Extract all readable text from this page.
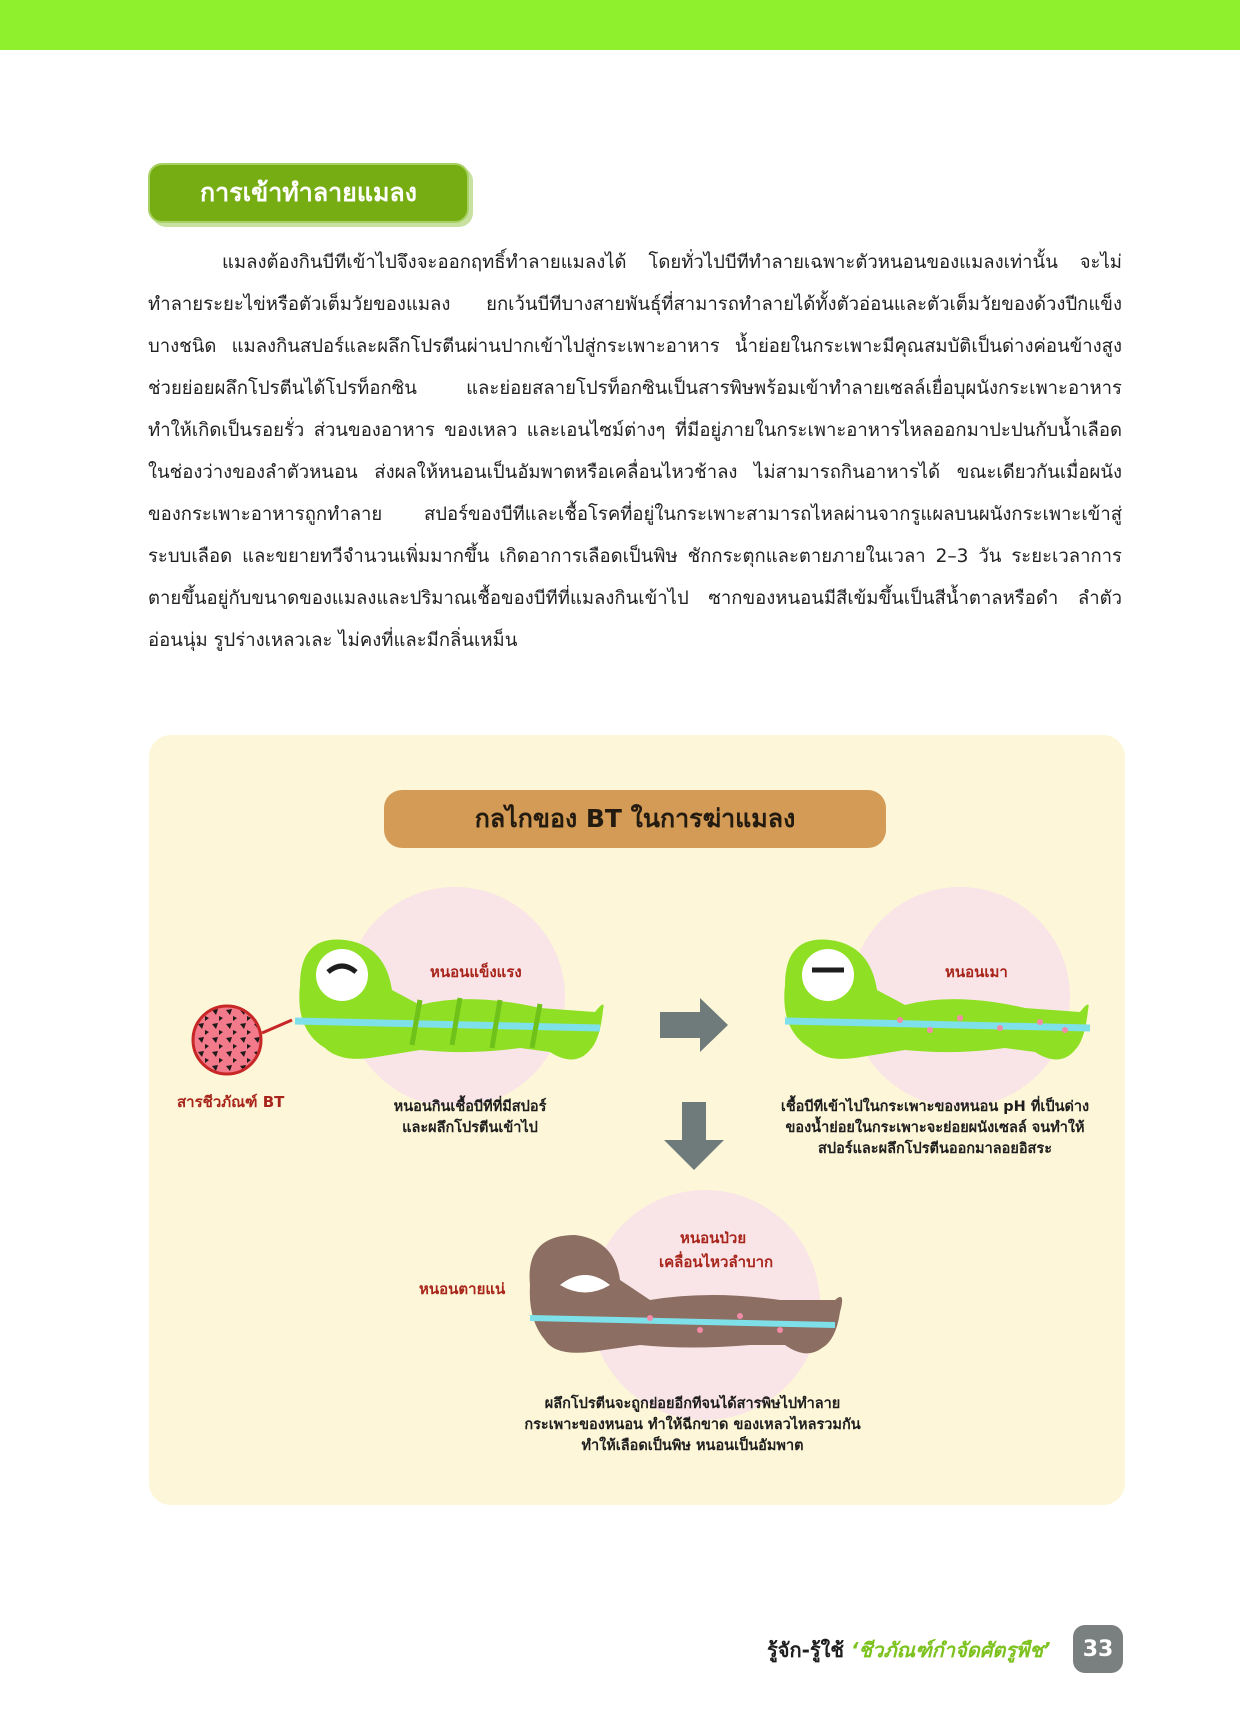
การเข้าทำลายแมลง

แมลงต้องกินบีทีเข้าไปจึงจะออกฤทธิ์ทำลายแมลงได้ โดยทั่วไปบีทีทำลายเฉพาะตัวหนอนของแมลงเท่านั้น จะไม่ทำลายระยะไข่หรือตัวเต็มวัยของแมลง ยกเว้นบีทีบางสายพันธุ์ที่สามารถทำลายได้ทั้งตัวอ่อนและตัวเต็มวัยของด้วงปีกแข็งบางชนิด แมลงกินสปอร์และผลึกโปรตีนผ่านปากเข้าไปสู่กระเพาะอาหาร น้ำย่อยในกระเพาะมีคุณสมบัติเป็นด่างค่อนข้างสูง ช่วยย่อยผลึกโปรตีนได้โปรท็อกซิน และย่อยสลายโปรท็อกซินเป็นสารพิษพร้อมเข้าทำลายเซลล์เยื่อบุผนังกระเพาะอาหาร ทำให้เกิดเป็นรอยรั่ว ส่วนของอาหาร ของเหลว และเอนไซม์ต่างๆ ที่มีอยู่ภายในกระเพาะอาหารไหลออกมาปะปนกับน้ำเลือดในช่องว่างของลำตัวหนอน ส่งผลให้หนอนเป็นอัมพาตหรือเคลื่อนไหวช้าลง ไม่สามารถกินอาหารได้ ขณะเดียวกันเมื่อผนังของกระเพาะอาหารถูกทำลาย สปอร์ของบีทีและเชื้อโรคที่อยู่ในกระเพาะสามารถไหลผ่านจากรูแผลบนผนังกระเพาะเข้าสู่ระบบเลือด และขยายทวีจำนวนเพิ่มมากขึ้น เกิดอาการเลือดเป็นพิษ ชักกระตุกและตายภายในเวลา 2–3 วัน ระยะเวลาการตายขึ้นอยู่กับขนาดของแมลงและปริมาณเชื้อของบีทีที่แมลงกินเข้าไป ซากของหนอนมีสีเข้มขึ้นเป็นสีน้ำตาลหรือดำ ลำตัวอ่อนนุ่ม รูปร่างเหลวเละ ไม่คงที่และมีกลิ่นเหม็น

กลไกของ BT ในการฆ่าแมลง
สารชีวภัณฑ์ BT
หนอนแข็งแรง	หนอนเมา
หนอนป่วย
เคลื่อนไหวลำบาก
หนอนตายแน่
หนอนกินเชื้อบีทีที่มีสปอร์
และผลึกโปรตีนเข้าไป
เชื้อบีทีเข้าไปในกระเพาะของหนอน pH ที่เป็นด่าง
ของน้ำย่อยในกระเพาะจะย่อยผนังเซลล์ จนทำให้
สปอร์และผลึกโปรตีนออกมาลอยอิสระ
ผลึกโปรตีนจะถูกย่อยอีกทีจนได้สารพิษไปทำลาย
กระเพาะของหนอน ทำให้ฉีกขาด ของเหลวไหลรวมกัน
ทำให้เลือดเป็นพิษ หนอนเป็นอัมพาต
รู้จัก-รู้ใช้ ‘ชีวภัณฑ์กำจัดศัตรูพืช’	33
